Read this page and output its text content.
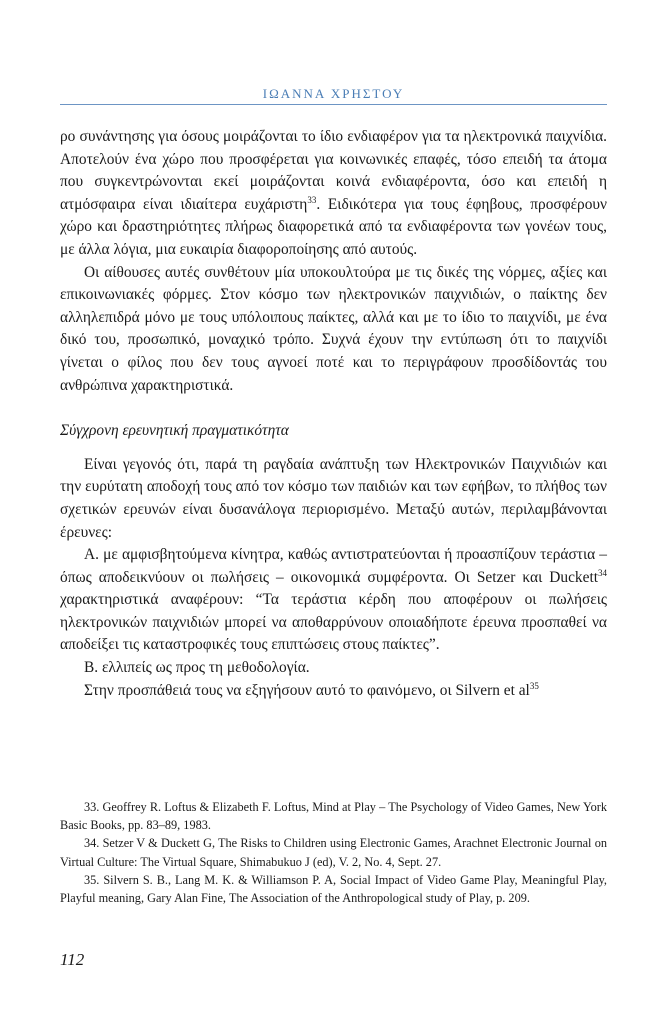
ΙΩΑΝΝΑ ΧΡΗΣΤΟΥ

ρο συνάντησης για όσους μοιράζονται το ίδιο ενδιαφέρον για τα ηλεκτρονικά παιχνίδια. Αποτελούν ένα χώρο που προσφέρεται για κοινωνικές επαφές, τόσο επειδή τα άτομα που συγκεντρώνονται εκεί μοιράζονται κοινά ενδιαφέροντα, όσο και επειδή η ατμόσφαιρα είναι ιδιαίτερα ευχάριστη$^{33}$. Ειδικότερα για τους έφηβους, προσφέρουν χώρο και δραστηριότητες πλήρως διαφορετικά από τα ενδιαφέροντα των γονέων τους, με άλλα λόγια, μια ευκαιρία διαφοροποίησης από αυτούς.

Οι αίθουσες αυτές συνθέτουν μία υποκουλτούρα με τις δικές της νόρμες, αξίες και επικοινωνιακές φόρμες. Στον κόσμο των ηλεκτρονικών παιχνιδιών, ο παίκτης δεν αλληλεπιδρά μόνο με τους υπόλοιπους παίκτες, αλλά και με το ίδιο το παιχνίδι, με ένα δικό του, προσωπικό, μοναχικό τρόπο. Συχνά έχουν την εντύπωση ότι το παιχνίδι γίνεται ο φίλος που δεν τους αγνοεί ποτέ και το περιγράφουν προσδίδοντάς του ανθρώπινα χαρακτηριστικά.

Σύγχρονη ερευνητική πραγματικότητα

Είναι γεγονός ότι, παρά τη ραγδαία ανάπτυξη των Ηλεκτρονικών Παιχνιδιών και την ευρύτατη αποδοχή τους από τον κόσμο των παιδιών και των εφήβων, το πλήθος των σχετικών ερευνών είναι δυσανάλογα περιορισμένο. Μεταξύ αυτών, περιλαμβάνονται έρευνες:

Α. με αμφισβητούμενα κίνητρα, καθώς αντιστρατεύονται ή προασπίζουν τεράστια – όπως αποδεικνύουν οι πωλήσεις – οικονομικά συμφέροντα. Οι Setzer και Duckett$^{34}$ χαρακτηριστικά αναφέρουν: “Τα τεράστια κέρδη που αποφέρουν οι πωλήσεις ηλεκτρονικών παιχνιδιών μπορεί να αποθαρρύνουν οποιαδήποτε έρευνα προσπαθεί να αποδείξει τις καταστροφικές τους επιπτώσεις στους παίκτες”.

Β. ελλιπείς ως προς τη μεθοδολογία.

Στην προσπάθειά τους να εξηγήσουν αυτό το φαινόμενο, οι Silvern et $al^{35}$

33. Geoffrey R. Loftus & Elizabeth F. Loftus, Mind at Play – The Psychology of Video Games, New York Basic Books, pp. 83–89, 1983.

34. Setzer V & Duckett G, The Risks to Children using Electronic Games, Arachnet Electronic Journal on Virtual Culture: The Virtual Square, Shimabukuo J (ed), V. 2, No. 4, Sept. 27.

35. Silvern S. B., Lang M. K. & Williamson P. A, Social Impact of Video Game Play, Meaningful Play, Playful meaning, Gary Alan Fine, The Association of the Anthropological study of Play, p. 209.

112
